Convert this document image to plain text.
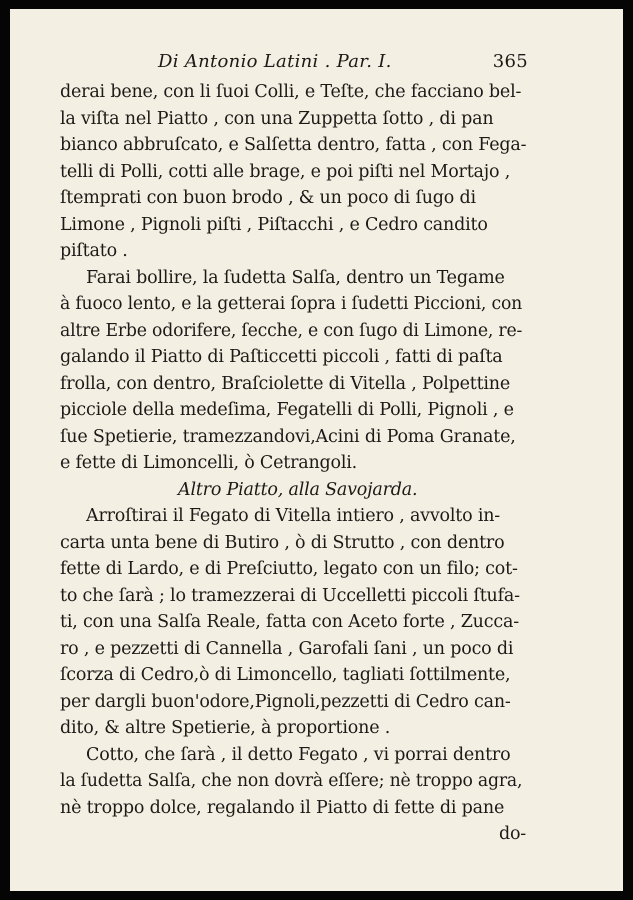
Di Antonio Latini . Par. I.	365
derai bene, con li ſuoi Colli, e Teſte, che facciano bel-
la viſta nel Piatto , con una Zuppetta ſotto , di pan
bianco abbruſcato, e Salſetta dentro, fatta , con Fega-
telli di Polli, cotti alle brage, e poi piſti nel Mortajo ,
ſtemprati con buon brodo , & un poco di ſugo di
Limone , Pignoli piſti , Piſtacchi , e Cedro candito
piſtato .
Farai bollire, la ſudetta Salſa, dentro un Tegame
à fuoco lento, e la getterai ſopra i ſudetti Piccioni, con
altre Erbe odorifere, ſecche, e con ſugo di Limone, re-
galando il Piatto di Paſticcetti piccoli , fatti di paſta
frolla, con dentro, Braſciolette di Vitella , Polpettine
picciole della medeſima, Fegatelli di Polli, Pignoli , e
ſue Spetierie, tramezzandovi,Acini di Poma Granate,
e fette di Limoncelli, ò Cetrangoli.
Altro Piatto, alla Savojarda.
Arroſtirai il Fegato di Vitella intiero , avvolto in-
carta unta bene di Butiro , ò di Strutto , con dentro
fette di Lardo, e di Preſciutto, legato con un filo; cot-
to che ſarà ; lo tramezzerai di Uccelletti piccoli ſtufa-
ti, con una Salſa Reale, fatta con Aceto forte , Zucca-
ro , e pezzetti di Cannella , Garofali ſani , un poco di
ſcorza di Cedro,ò di Limoncello, tagliati ſottilmente,
per dargli buon'odore,Pignoli,pezzetti di Cedro can-
dito, & altre Spetierie, à proportione .
Cotto, che ſarà , il detto Fegato , vi porrai dentro
la ſudetta Salſa, che non dovrà eſſere; nè troppo agra,
nè troppo dolce, regalando il Piatto di fette di pane
do-
